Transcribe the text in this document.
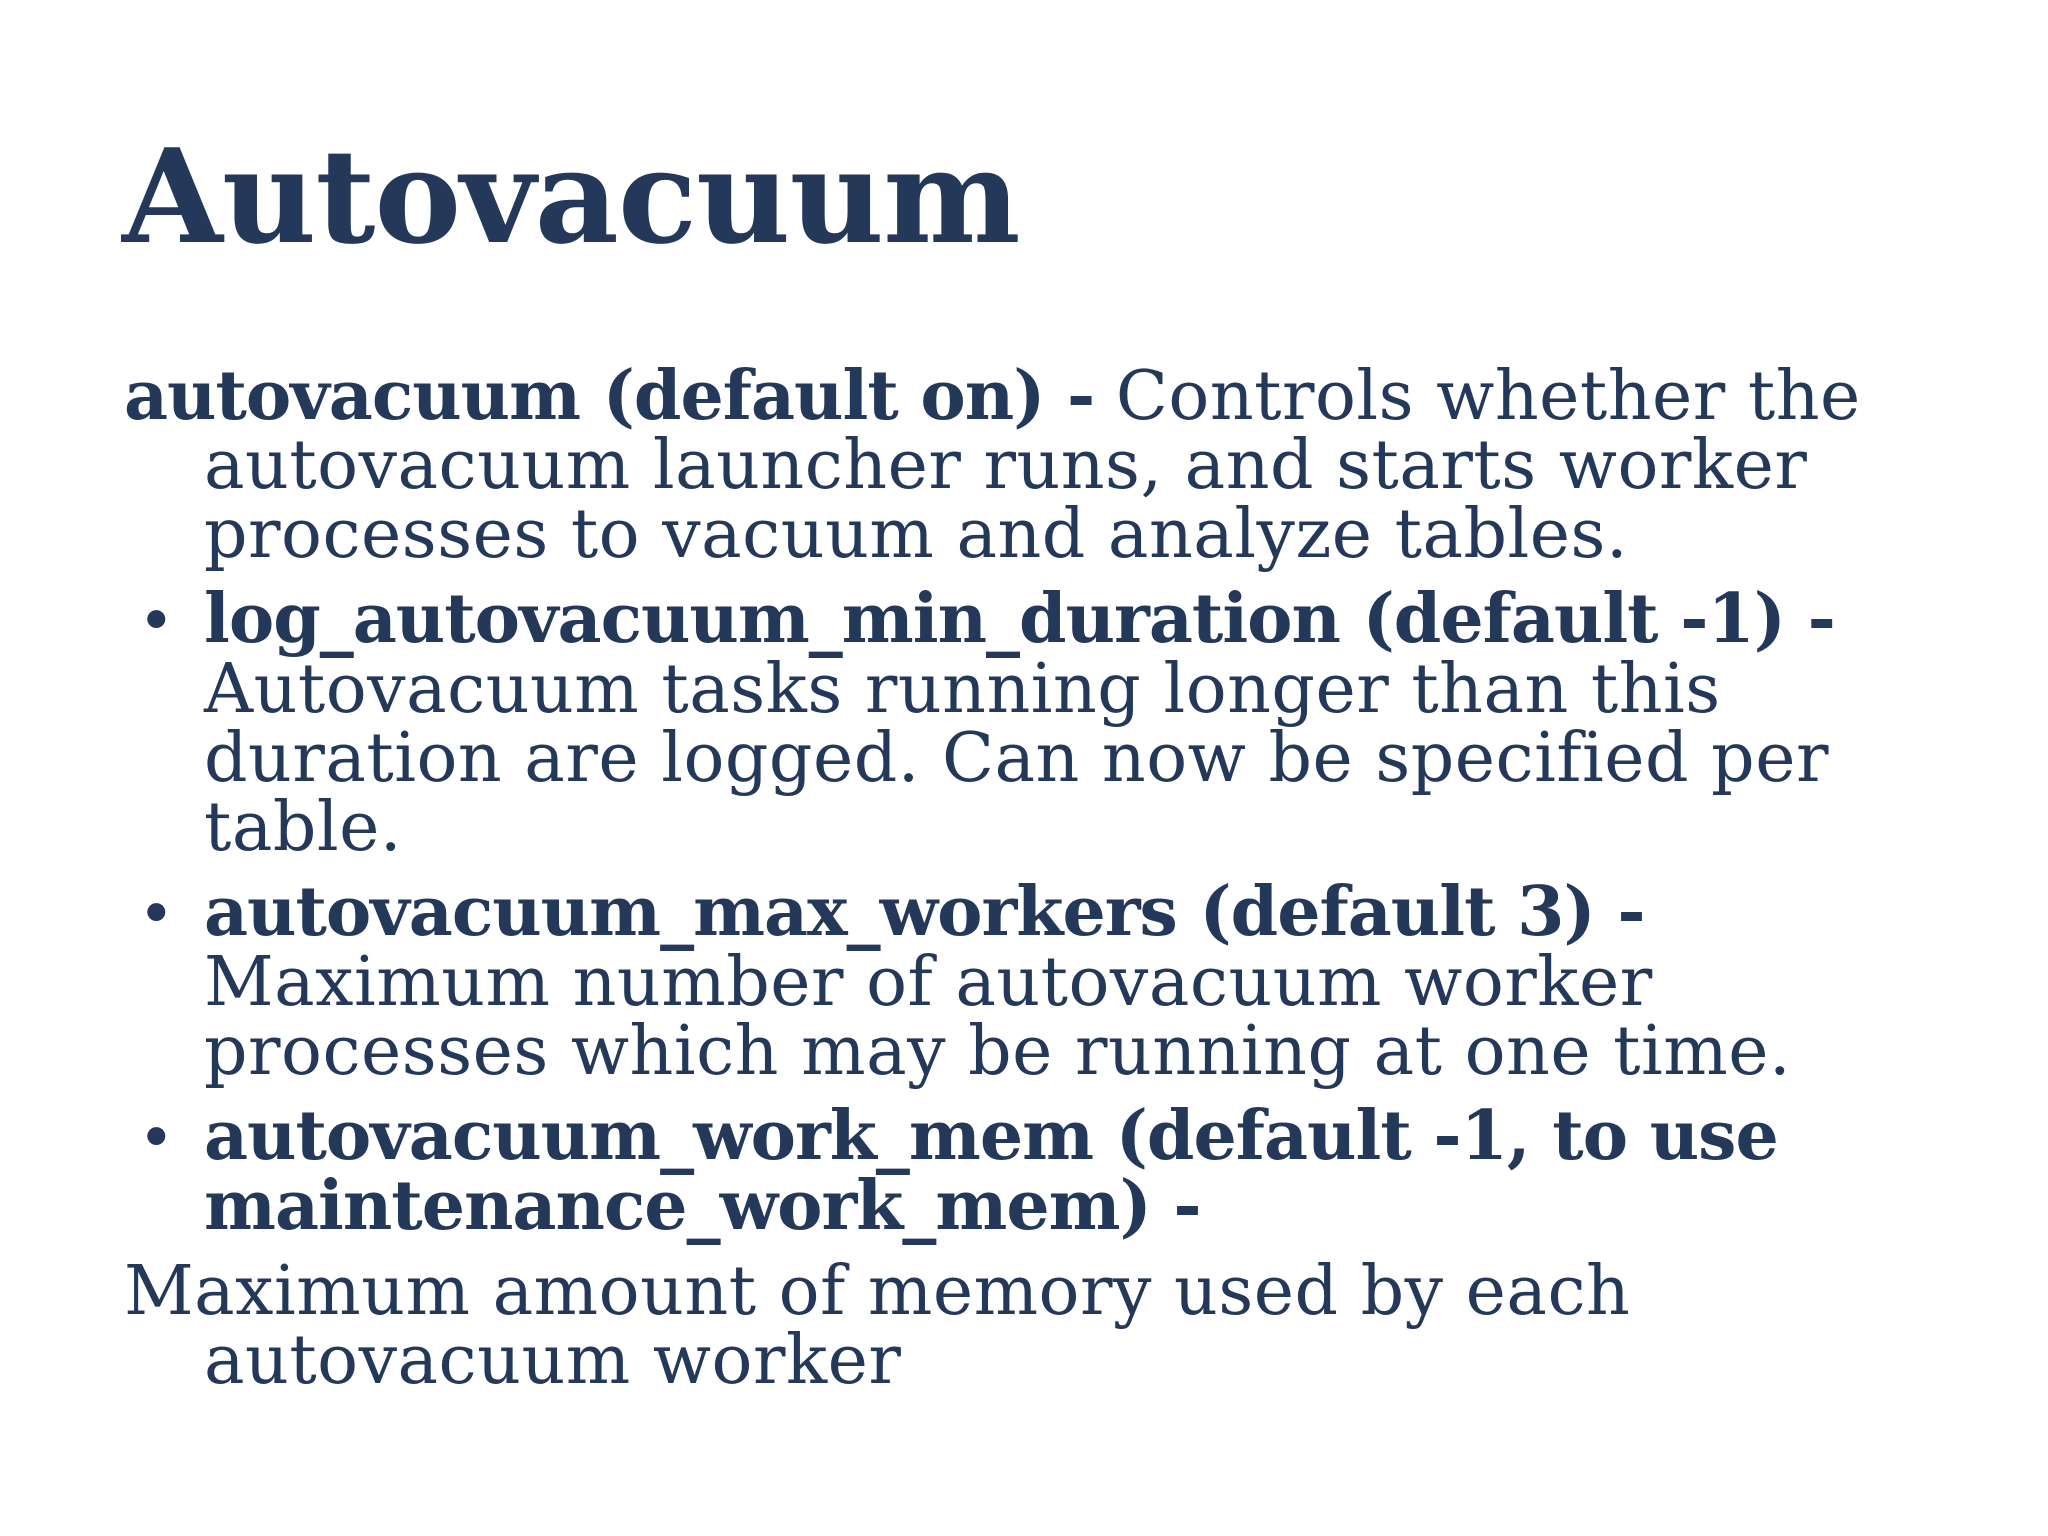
Autovacuum

autovacuum (default on) - Controls whether the autovacuum launcher runs, and starts worker processes to vacuum and analyze tables.

• log_autovacuum_min_duration (default -1) - Autovacuum tasks running longer than this duration are logged. Can now be specified per table.

• autovacuum_max_workers (default 3) - Maximum number of autovacuum worker processes which may be running at one time.

• autovacuum_work_mem (default -1, to use maintenance_work_mem) -

Maximum amount of memory used by each autovacuum worker
